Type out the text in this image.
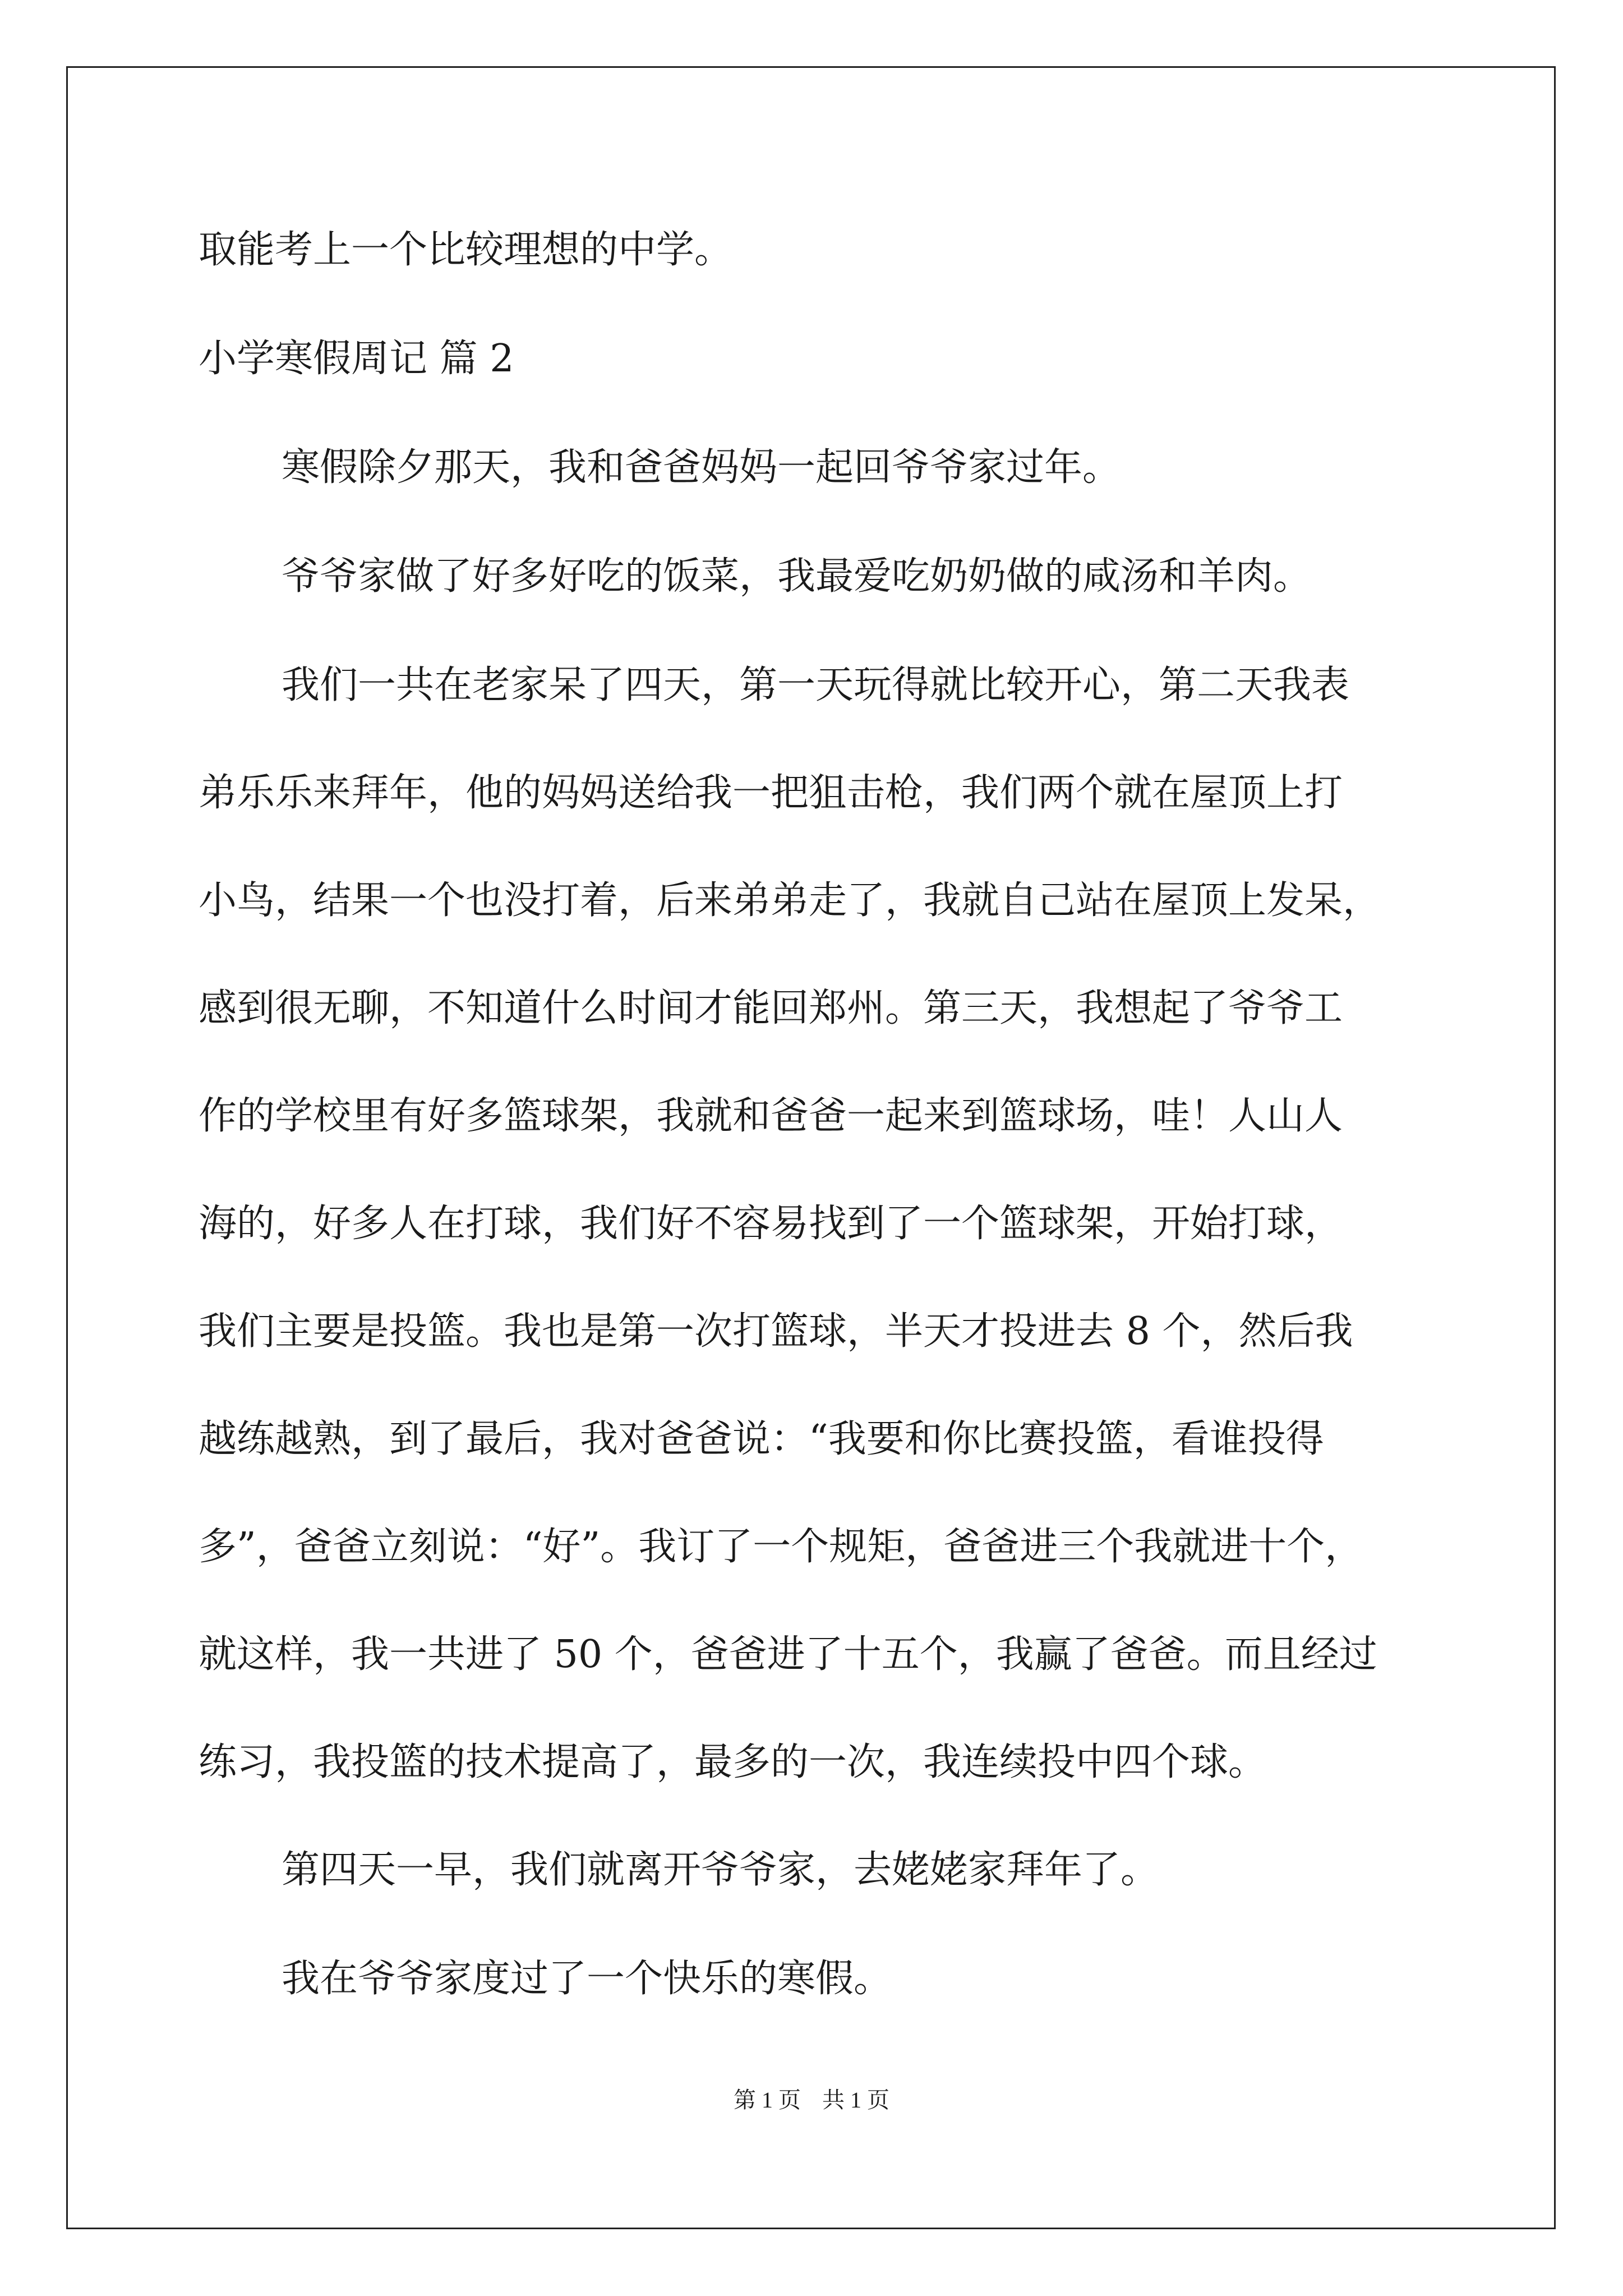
取能考上一个比较理想的中学。
小学寒假周记 篇 2
寒假除夕那天，我和爸爸妈妈一起回爷爷家过年。
爷爷家做了好多好吃的饭菜，我最爱吃奶奶做的咸汤和羊肉。
我们一共在老家呆了四天，第一天玩得就比较开心，第二天我表
弟乐乐来拜年，他的妈妈送给我一把狙击枪，我们两个就在屋顶上打
小鸟，结果一个也没打着，后来弟弟走了，我就自己站在屋顶上发呆，
感到很无聊，不知道什么时间才能回郑州。第三天，我想起了爷爷工
作的学校里有好多篮球架，我就和爸爸一起来到篮球场，哇！人山人
海的，好多人在打球，我们好不容易找到了一个篮球架，开始打球，
我们主要是投篮。我也是第一次打篮球，半天才投进去 8 个，然后我
越练越熟，到了最后，我对爸爸说：“我要和你比赛投篮，看谁投得
多”，爸爸立刻说：“好”。我订了一个规矩，爸爸进三个我就进十个，
就这样，我一共进了 50 个，爸爸进了十五个，我赢了爸爸。而且经过
练习，我投篮的技术提高了，最多的一次，我连续投中四个球。
第四天一早，我们就离开爷爷家，去姥姥家拜年了。
我在爷爷家度过了一个快乐的寒假。
第 1 页 共 1 页
